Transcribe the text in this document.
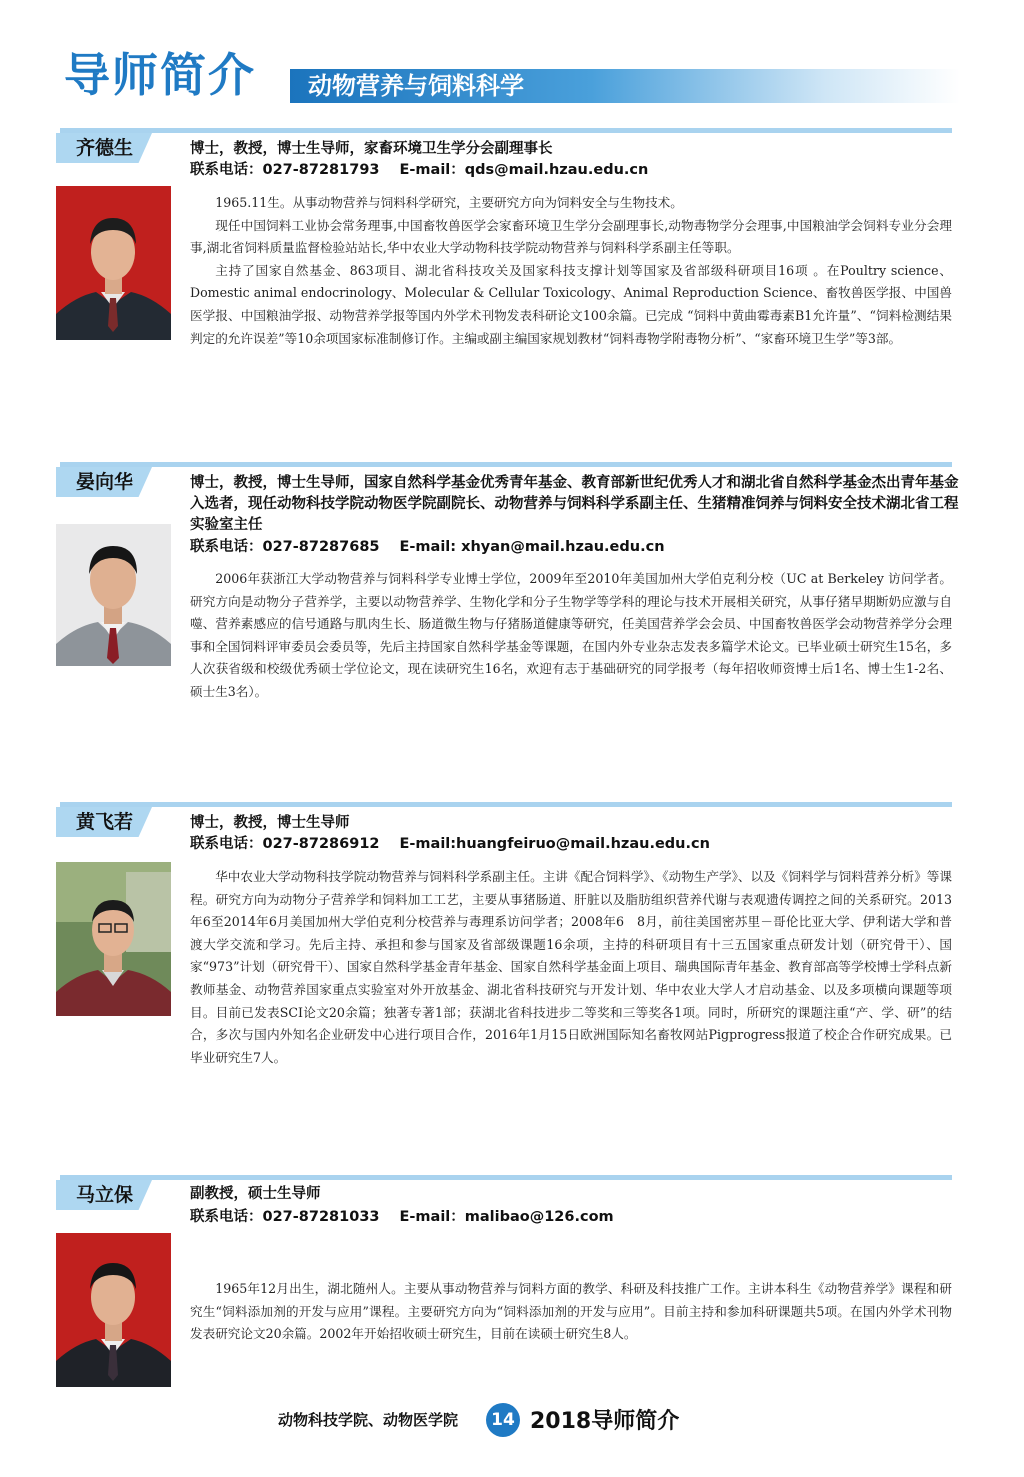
导师简介 动物营养与饲料科学
齐德生	博士，教授，博士生导师，家畜环境卫生学分会副理事长
联系电话：027-87281793 E-mail：qds@mail.hzau.edu.cn

1965.11生。从事动物营养与饲料科学研究，主要研究方向为饲料安全与生物技术。

现任中国饲料工业协会常务理事,中国畜牧兽医学会家畜环境卫生学分会副理事长,动物毒物学分会理事,中国粮油学会饲料专业分会理事,湖北省饲料质量监督检验站站长,华中农业大学动物科技学院动物营养与饲料科学系副主任等职。

主持了国家自然基金、863项目、湖北省科技攻关及国家科技支撑计划等国家及省部级科研项目16项 。在Poultry science、Domestic animal endocrinology、Molecular & Cellular Toxicology、Animal Reproduction Science、畜牧兽医学报、中国兽医学报、中国粮油学报、动物营养学报等国内外学术刊物发表科研论文100余篇。已完成 “饲料中黄曲霉毒素B1允许量”、“饲料检测结果判定的允许误差”等10余项国家标准制修订作。主编或副主编国家规划教材“饲料毒物学附毒物分析”、“家畜环境卫生学”等3部。

晏向华	博士，教授，博士生导师，国家自然科学基金优秀青年基金、教育部新世纪优秀人才和湖北省自然科学基金杰出青年基金入选者，现任动物科技学院动物医学院副院长、动物营养与饲料科学系副主任、生猪精准饲养与饲料安全技术湖北省工程实验室主任
联系电话：027-87287685 E-mail: xhyan@mail.hzau.edu.cn

2006年获浙江大学动物营养与饲料科学专业博士学位，2009年至2010年美国加州大学伯克利分校（UC at Berkeley 访问学者。研究方向是动物分子营养学，主要以动物营养学、生物化学和分子生物学等学科的理论与技术开展相关研究，从事仔猪早期断奶应激与自噬、营养素感应的信号通路与肌肉生长、肠道微生物与仔猪肠道健康等研究，任美国营养学会会员、中国畜牧兽医学会动物营养学分会理事和全国饲料评审委员会委员等，先后主持国家自然科学基金等课题，在国内外专业杂志发表多篇学术论文。已毕业硕士研究生15名，多人次获省级和校级优秀硕士学位论文，现在读研究生16名，欢迎有志于基础研究的同学报考（每年招收师资博士后1名、博士生1-2名、硕士生3名）。

黄飞若	博士，教授，博士生导师
联系电话：027-87286912 E-mail:huangfeiruo@mail.hzau.edu.cn

华中农业大学动物科技学院动物营养与饲料科学系副主任。主讲《配合饲料学》、《动物生产学》、以及《饲料学与饲料营养分析》等课程。研究方向为动物分子营养学和饲料加工工艺，主要从事猪肠道、肝脏以及脂肪组织营养代谢与表观遗传调控之间的关系研究。2013年6至2014年6月美国加州大学伯克利分校营养与毒理系访问学者；2008年6　8月，前往美国密苏里－哥伦比亚大学、伊利诺大学和普渡大学交流和学习。先后主持、承担和参与国家及省部级课题16余项，主持的科研项目有十三五国家重点研发计划（研究骨干）、国家“973”计划（研究骨干）、国家自然科学基金青年基金、国家自然科学基金面上项目、瑞典国际青年基金、教育部高等学校博士学科点新教师基金、动物营养国家重点实验室对外开放基金、湖北省科技研究与开发计划、华中农业大学人才启动基金、以及多项横向课题等项目。目前已发表SCI论文20余篇；独著专著1部；获湖北省科技进步二等奖和三等奖各1项。同时，所研究的课题注重“产、学、研”的结合，多次与国内外知名企业研发中心进行项目合作，2016年1月15日欧洲国际知名畜牧网站Pigprogress报道了校企合作研究成果。已毕业研究生7人。

马立保	副教授，硕士生导师
联系电话：027-87281033 E-mail：malibao@126.com

1965年12月出生，湖北随州人。主要从事动物营养与饲料方面的教学、科研及科技推广工作。主讲本科生《动物营养学》课程和研究生“饲料添加剂的开发与应用”课程。主要研究方向为“饲料添加剂的开发与应用”。目前主持和参加科研课题共5项。在国内外学术刊物发表研究论文20余篇。2002年开始招收硕士研究生，目前在读硕士研究生8人。

动物科技学院、动物医学院	2018导师简介
14
